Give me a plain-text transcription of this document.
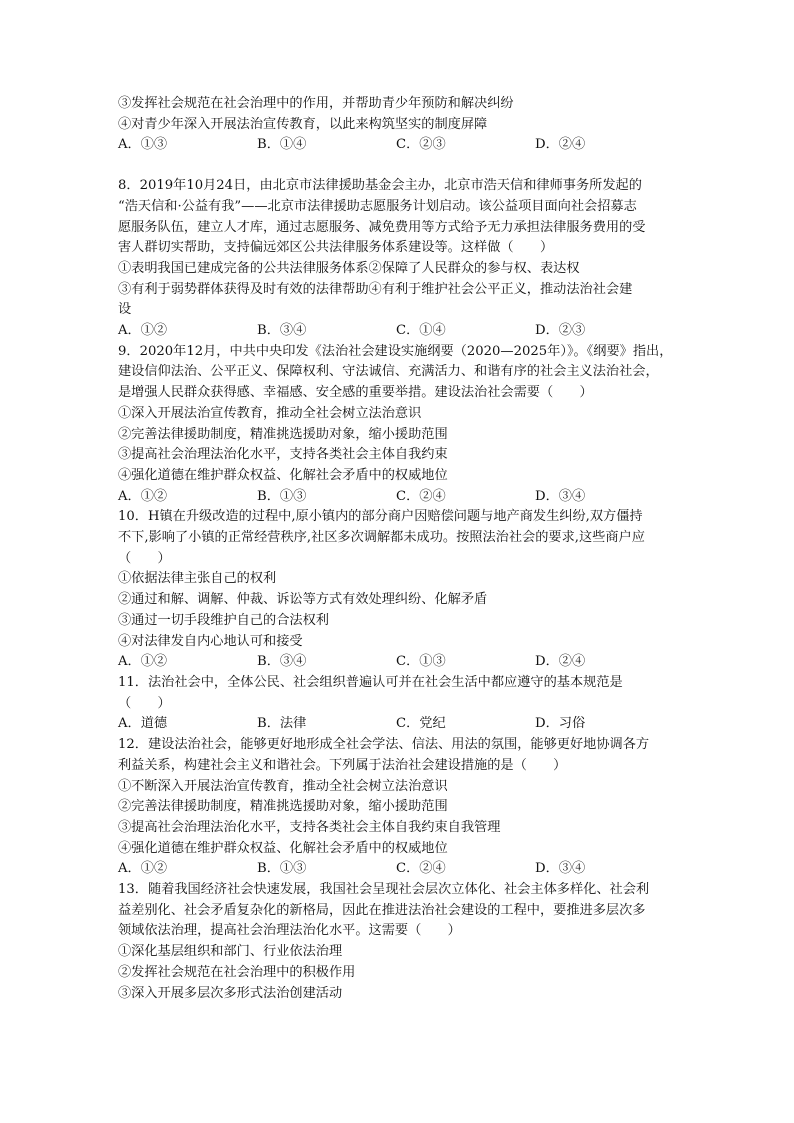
③发挥社会规范在社会治理中的作用，并帮助青少年预防和解决纠纷
④对青少年深入开展法治宣传教育，以此来构筑坚实的制度屏障
A．①③	B．①④	C．②③	D．②④
8．2019年10月24日，由北京市法律援助基金会主办，北京市浩天信和律师事务所发起的
“浩天信和·公益有我”——北京市法律援助志愿服务计划启动。该公益项目面向社会招募志
愿服务队伍，建立人才库，通过志愿服务、减免费用等方式给予无力承担法律服务费用的受
害人群切实帮助，支持偏远郊区公共法律服务体系建设等。这样做（　　）
①表明我国已建成完备的公共法律服务体系②保障了人民群众的参与权、表达权
③有利于弱势群体获得及时有效的法律帮助④有利于维护社会公平正义，推动法治社会建
设
A．①②	B．③④	C．①④	D．②③
9．2020年12月，中共中央印发《法治社会建设实施纲要（2020—2025年）》。《纲要》指出，
建设信仰法治、公平正义、保障权利、守法诚信、充满活力、和谐有序的社会主义法治社会，
是增强人民群众获得感、幸福感、安全感的重要举措。建设法治社会需要（　　）
①深入开展法治宣传教育，推动全社会树立法治意识
②完善法律援助制度，精准挑选援助对象，缩小援助范围
③提高社会治理法治化水平，支持各类社会主体自我约束
④强化道德在维护群众权益、化解社会矛盾中的权威地位
A．①②	B．①③	C．②④	D．③④
10．H镇在升级改造的过程中,原小镇内的部分商户因赔偿问题与地产商发生纠纷,双方僵持
不下,影响了小镇的正常经营秩序,社区多次调解都未成功。按照法治社会的要求,这些商户应
（　　）
①依据法律主张自己的权利
②通过和解、调解、仲裁、诉讼等方式有效处理纠纷、化解矛盾
③通过一切手段维护自己的合法权利
④对法律发自内心地认可和接受
A．①②	B．③④	C．①③	D．②④
11．法治社会中，全体公民、社会组织普遍认可并在社会生活中都应遵守的基本规范是
（　　）
A．道德	B．法律	C．党纪	D．习俗
12．建设法治社会，能够更好地形成全社会学法、信法、用法的氛围，能够更好地协调各方
利益关系，构建社会主义和谐社会。下列属于法治社会建设措施的是（　　）
①不断深入开展法治宣传教育，推动全社会树立法治意识
②完善法律援助制度，精准挑选援助对象，缩小援助范围
③提高社会治理法治化水平，支持各类社会主体自我约束自我管理
④强化道德在维护群众权益、化解社会矛盾中的权威地位
A．①②	B．①③	C．②④	D．③④
13．随着我国经济社会快速发展，我国社会呈现社会层次立体化、社会主体多样化、社会利
益差别化、社会矛盾复杂化的新格局，因此在推进法治社会建设的工程中，要推进多层次多
领域依法治理，提高社会治理法治化水平。这需要（　　）
①深化基层组织和部门、行业依法治理
②发挥社会规范在社会治理中的积极作用
③深入开展多层次多形式法治创建活动
